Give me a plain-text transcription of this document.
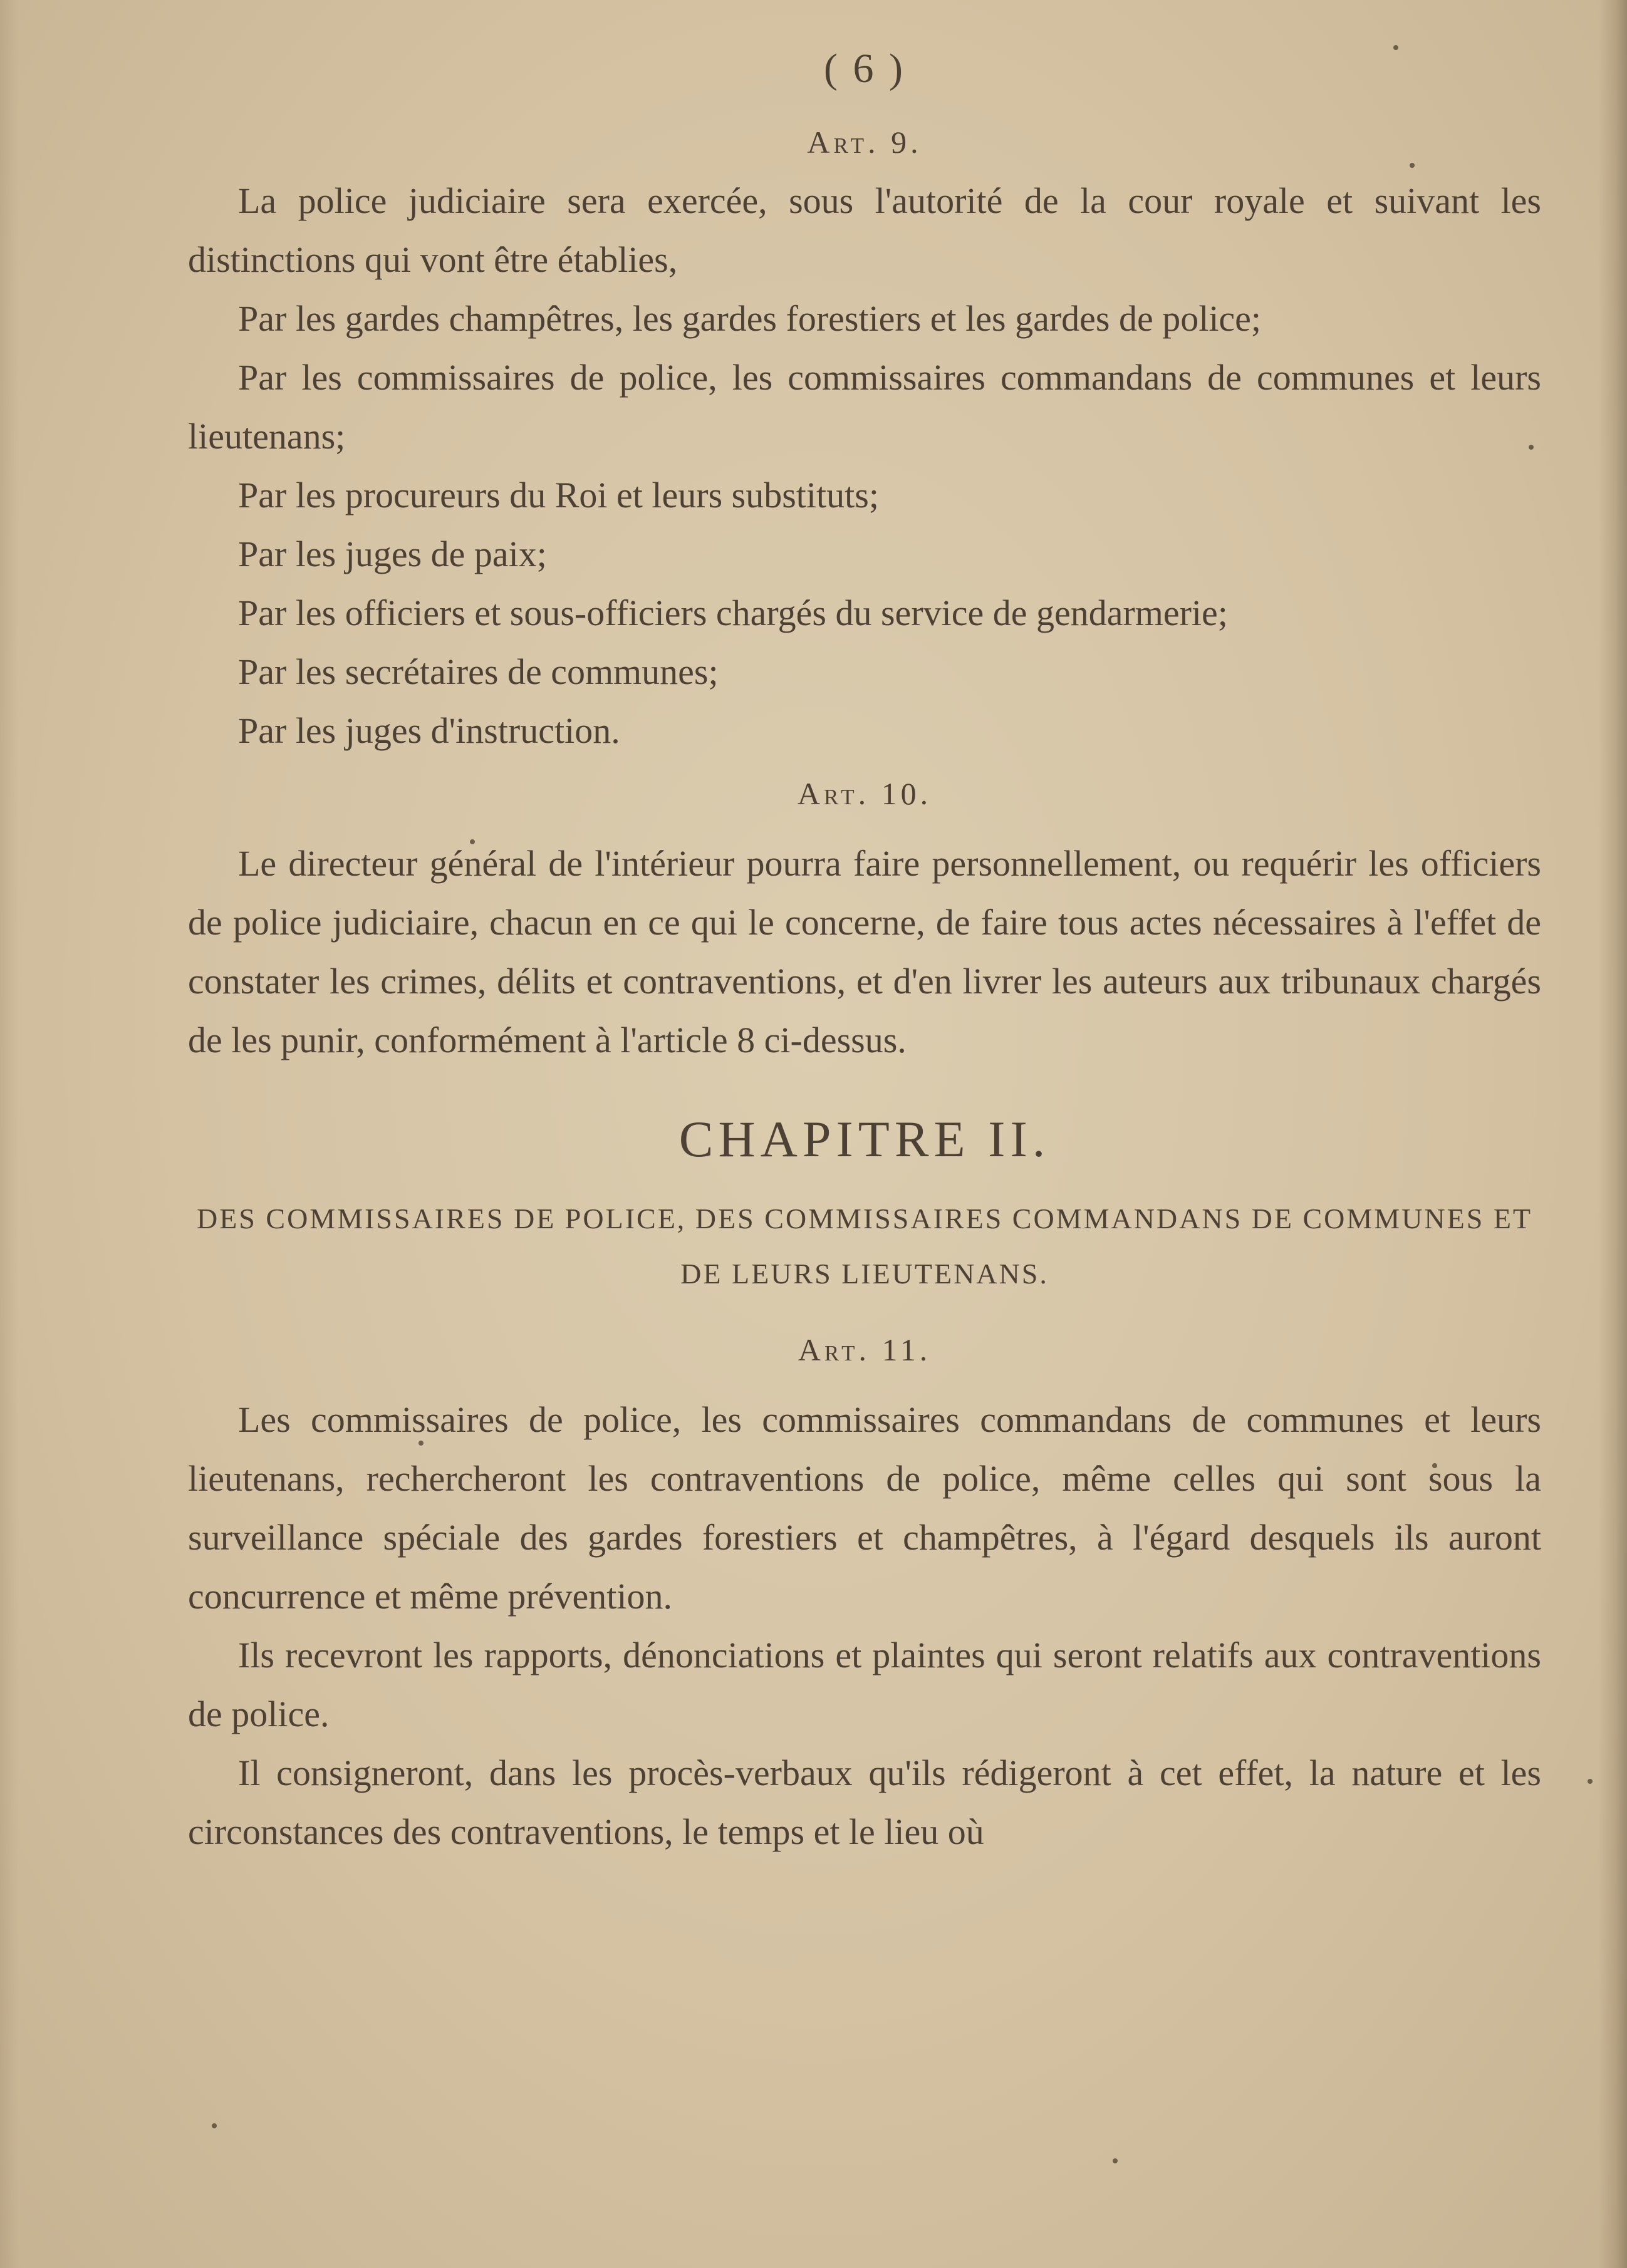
( 6 )
Art. 9.

La police judiciaire sera exercée, sous l'autorité de la cour royale et suivant les distinctions qui vont être établies,

Par les gardes champêtres, les gardes forestiers et les gardes de police;

Par les commissaires de police, les commissaires commandans de communes et leurs lieutenans;

Par les procureurs du Roi et leurs substituts;

Par les juges de paix;

Par les officiers et sous-officiers chargés du service de gendarmerie;

Par les secrétaires de communes;

Par les juges d'instruction.

Art. 10.

Le directeur général de l'intérieur pourra faire personnellement, ou requérir les officiers de police judiciaire, chacun en ce qui le concerne, de faire tous actes nécessaires à l'effet de constater les crimes, délits et contraventions, et d'en livrer les auteurs aux tribunaux chargés de les punir, conformément à l'article 8 ci-dessus.

CHAPITRE II.
DES COMMISSAIRES DE POLICE, DES COMMISSAIRES COMMANDANS DE COMMUNES ET DE LEURS LIEUTENANS.
Art. 11.

Les commissaires de police, les commissaires commandans de communes et leurs lieutenans, rechercheront les contraventions de police, même celles qui sont sous la surveillance spéciale des gardes forestiers et champêtres, à l'égard desquels ils auront concurrence et même prévention.

Ils recevront les rapports, dénonciations et plaintes qui seront relatifs aux contraventions de police.

Il consigneront, dans les procès-verbaux qu'ils rédigeront à cet effet, la nature et les circonstances des contraventions, le temps et le lieu où
